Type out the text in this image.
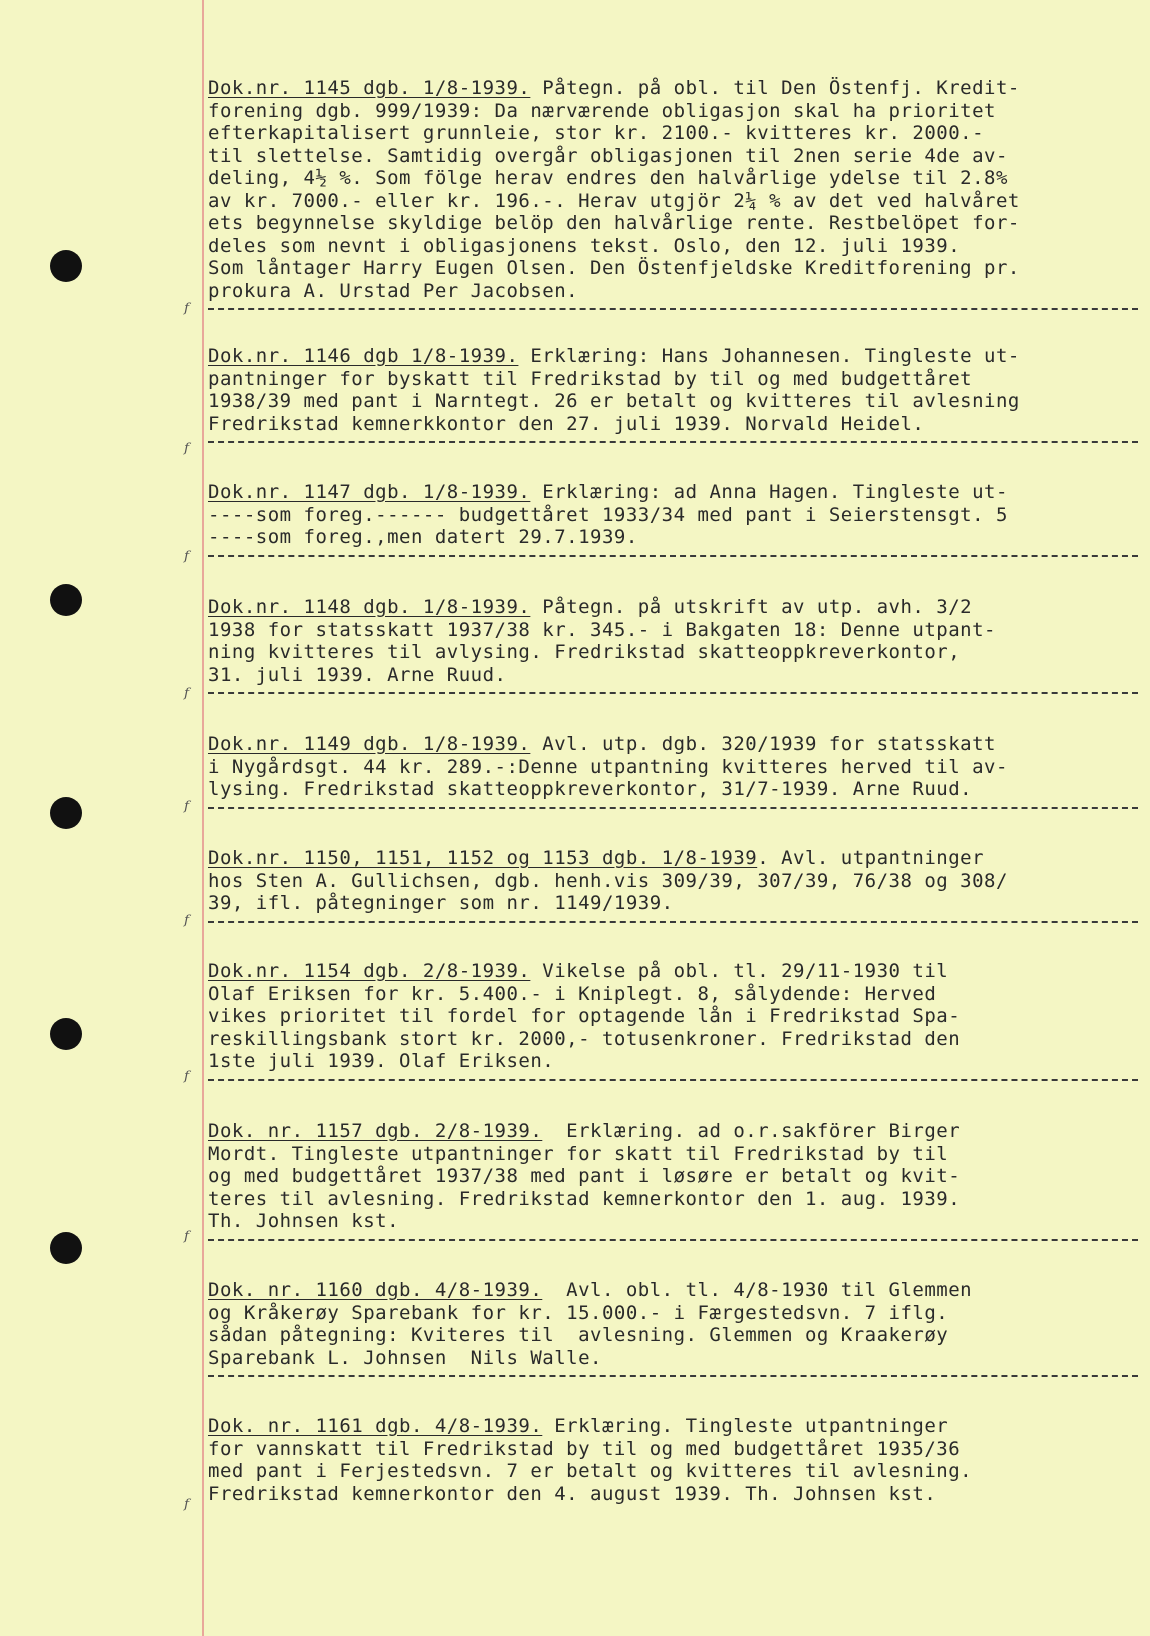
Dok.nr. 1145 dgb. 1/8-1939. Påtegn. på obl. til Den Östenfj. Kredit-
forening dgb. 999/1939: Da nærværende obligasjon skal ha prioritet
efterkapitalisert grunnleie, stor kr. 2100.- kvitteres kr. 2000.-
til slettelse. Samtidig overgår obligasjonen til 2nen serie 4de av-
deling, 4½ %. Som fölge herav endres den halvårlige ydelse til 2.8%
av kr. 7000.- eller kr. 196.-. Herav utgjör 2¼ % av det ved halvåret
ets begynnelse skyldige belöp den halvårlige rente. Restbelöpet for-
deles som nevnt i obligasjonens tekst. Oslo, den 12. juli 1939.
Som låntager Harry Eugen Olsen. Den Östenfjeldske Kreditforening pr.
prokura A. Urstad Per Jacobsen.

Dok.nr. 1146 dgb 1/8-1939. Erklæring: Hans Johannesen. Tingleste ut-
pantninger for byskatt til Fredrikstad by til og med budgettåret
1938/39 med pant i Narntegt. 26 er betalt og kvitteres til avlesning
Fredrikstad kemnerkkontor den 27. juli 1939. Norvald Heidel.

Dok.nr. 1147 dgb. 1/8-1939. Erklæring: ad Anna Hagen. Tingleste ut-
----som foreg.------ budgettåret 1933/34 med pant i Seierstensgt. 5
----som foreg.,men datert 29.7.1939.

Dok.nr. 1148 dgb. 1/8-1939. Påtegn. på utskrift av utp. avh. 3/2
1938 for statsskatt 1937/38 kr. 345.- i Bakgaten 18: Denne utpant-
ning kvitteres til avlysing. Fredrikstad skatteoppkreverkontor,
31. juli 1939. Arne Ruud.

Dok.nr. 1149 dgb. 1/8-1939. Avl. utp. dgb. 320/1939 for statsskatt
i Nygårdsgt. 44 kr. 289.-:Denne utpantning kvitteres herved til av-
lysing. Fredrikstad skatteoppkreverkontor, 31/7-1939. Arne Ruud.

Dok.nr. 1150, 1151, 1152 og 1153 dgb. 1/8-1939. Avl. utpantninger
hos Sten A. Gullichsen, dgb. henh.vis 309/39, 307/39, 76/38 og 308/
39, ifl. påtegninger som nr. 1149/1939.

Dok.nr. 1154 dgb. 2/8-1939. Vikelse på obl. tl. 29/11-1930 til
Olaf Eriksen for kr. 5.400.- i Kniplegt. 8, sålydende: Herved
vikes prioritet til fordel for optagende lån i Fredrikstad Spa-
reskillingsbank stort kr. 2000,- totusenkroner. Fredrikstad den
1ste juli 1939. Olaf Eriksen.

Dok. nr. 1157 dgb. 2/8-1939.  Erklæring. ad o.r.sakförer Birger
Mordt. Tingleste utpantninger for skatt til Fredrikstad by til
og med budgettåret 1937/38 med pant i løsøre er betalt og kvit-
teres til avlesning. Fredrikstad kemnerkontor den 1. aug. 1939.
Th. Johnsen kst.

Dok. nr. 1160 dgb. 4/8-1939.  Avl. obl. tl. 4/8-1930 til Glemmen
og Kråkerøy Sparebank for kr. 15.000.- i Færgestedsvn. 7 iflg.
sådan påtegning: Kviteres til  avlesning. Glemmen og Kraakerøy
Sparebank L. Johnsen  Nils Walle.

Dok. nr. 1161 dgb. 4/8-1939. Erklæring. Tingleste utpantninger
for vannskatt til Fredrikstad by til og med budgettåret 1935/36
med pant i Ferjestedsvn. 7 er betalt og kvitteres til avlesning.
Fredrikstad kemnerkontor den 4. august 1939. Th. Johnsen kst.

ᶠ
ᶠ
ᶠ
ᶠ
ᶠ
ᶠ
ᶠ
ᶠ
ᶠ
